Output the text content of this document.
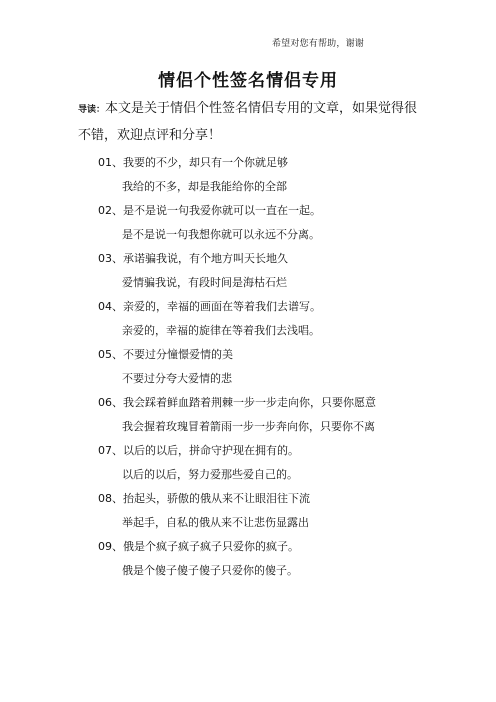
希望对您有帮助，谢谢
情侣个性签名情侣专用
导读：本文是关于情侣个性签名情侣专用的文章，如果觉得很不错，欢迎点评和分享！
01、我要的不少，却只有一个你就足够
我给的不多，却是我能给你的全部
02、是不是说一句我爱你就可以一直在一起。
是不是说一句我想你就可以永远不分离。
03、承诺骗我说，有个地方叫天长地久
爱情骗我说，有段时间是海枯石烂
04、亲爱的，幸福的画面在等着我们去谱写。
亲爱的，幸福的旋律在等着我们去浅唱。
05、不要过分憧憬爱情的美
不要过分夸大爱情的悲
06、我会踩着鲜血踏着荆棘一步一步走向你，只要你愿意
我会握着玫瑰冒着箭雨一步一步奔向你，只要你不离
07、以后的以后，拼命守护现在拥有的。
以后的以后，努力爱那些爱自己的。
08、抬起头，骄傲的俄从来不让眼泪往下流
举起手，自私的俄从来不让悲伤显露出
09、俄是个疯子疯子疯子只爱你的疯子。
俄是个傻子傻子傻子只爱你的傻子。
